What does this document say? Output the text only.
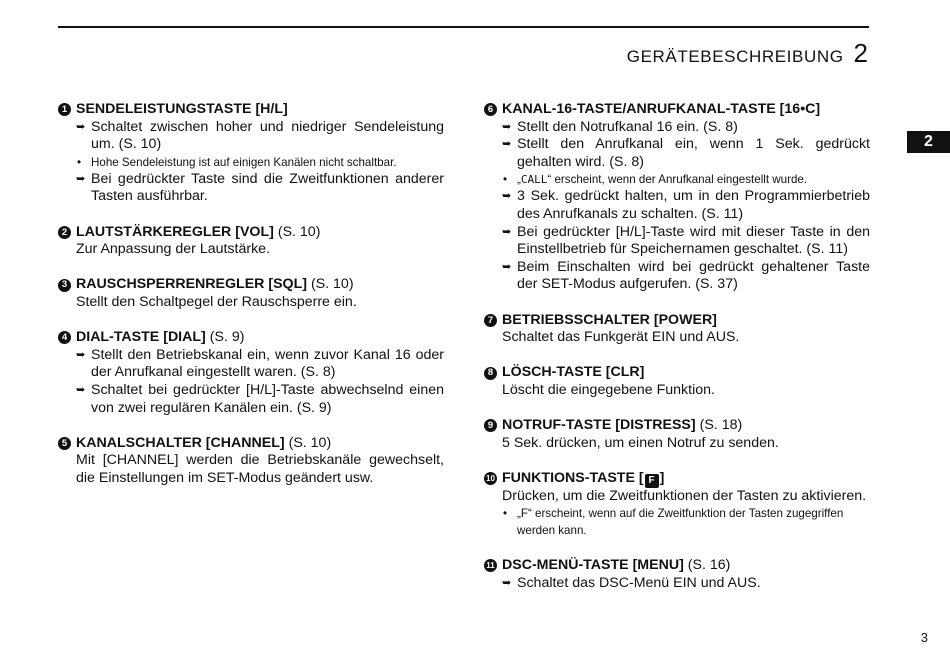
GERÄTEBESCHREIBUNG 2
2
1 SENDELEISTUNGSTASTE [H/L]
➥ Schaltet zwischen hoher und niedriger Sendeleistung um. (S. 10)
• Hohe Sendeleistung ist auf einigen Kanälen nicht schaltbar.
➥ Bei gedrückter Taste sind die Zweitfunktionen anderer Tasten ausführbar.
2 LAUTSTÄRKEREGLER [VOL] (S. 10)
Zur Anpassung der Lautstärke.
3 RAUSCHSPERRENREGLER [SQL] (S. 10)
Stellt den Schaltpegel der Rauschsperre ein.
4 DIAL-TASTE [DIAL] (S. 9)
➥ Stellt den Betriebskanal ein, wenn zuvor Kanal 16 oder der Anrufkanal eingestellt waren. (S. 8)
➥ Schaltet bei gedrückter [H/L]-Taste abwechselnd einen von zwei regulären Kanälen ein. (S. 9)
5 KANALSCHALTER [CHANNEL] (S. 10)
Mit [CHANNEL] werden die Betriebskanäle gewechselt, die Einstellungen im SET-Modus geändert usw.
6 KANAL-16-TASTE/ANRUFKANAL-TASTE [16•C]
➥ Stellt den Notrufkanal 16 ein. (S. 8)
➥ Stellt den Anrufkanal ein, wenn 1 Sek. gedrückt gehalten wird. (S. 8)
• „CALL“ erscheint, wenn der Anrufkanal eingestellt wurde.
➥ 3 Sek. gedrückt halten, um in den Programmierbetrieb des Anrufkanals zu schalten. (S. 11)
➥ Bei gedrückter [H/L]-Taste wird mit dieser Taste in den Einstellbetrieb für Speichernamen geschaltet. (S. 11)
➥ Beim Einschalten wird bei gedrückt gehaltener Taste der SET-Modus aufgerufen. (S. 37)
7 BETRIEBSSCHALTER [POWER]
Schaltet das Funkgerät EIN und AUS.
8 LÖSCH-TASTE [CLR]
Löscht die eingegebene Funktion.
9 NOTRUF-TASTE [DISTRESS] (S. 18)
5 Sek. drücken, um einen Notruf zu senden.
10 FUNKTIONS-TASTE [ F ]
Drücken, um die Zweitfunktionen der Tasten zu aktivieren.
• „F“ erscheint, wenn auf die Zweitfunktion der Tasten zugegriffen werden kann.
11 DSC-MENÜ-TASTE [MENU] (S. 16)
➥ Schaltet das DSC-Menü EIN und AUS.
3
